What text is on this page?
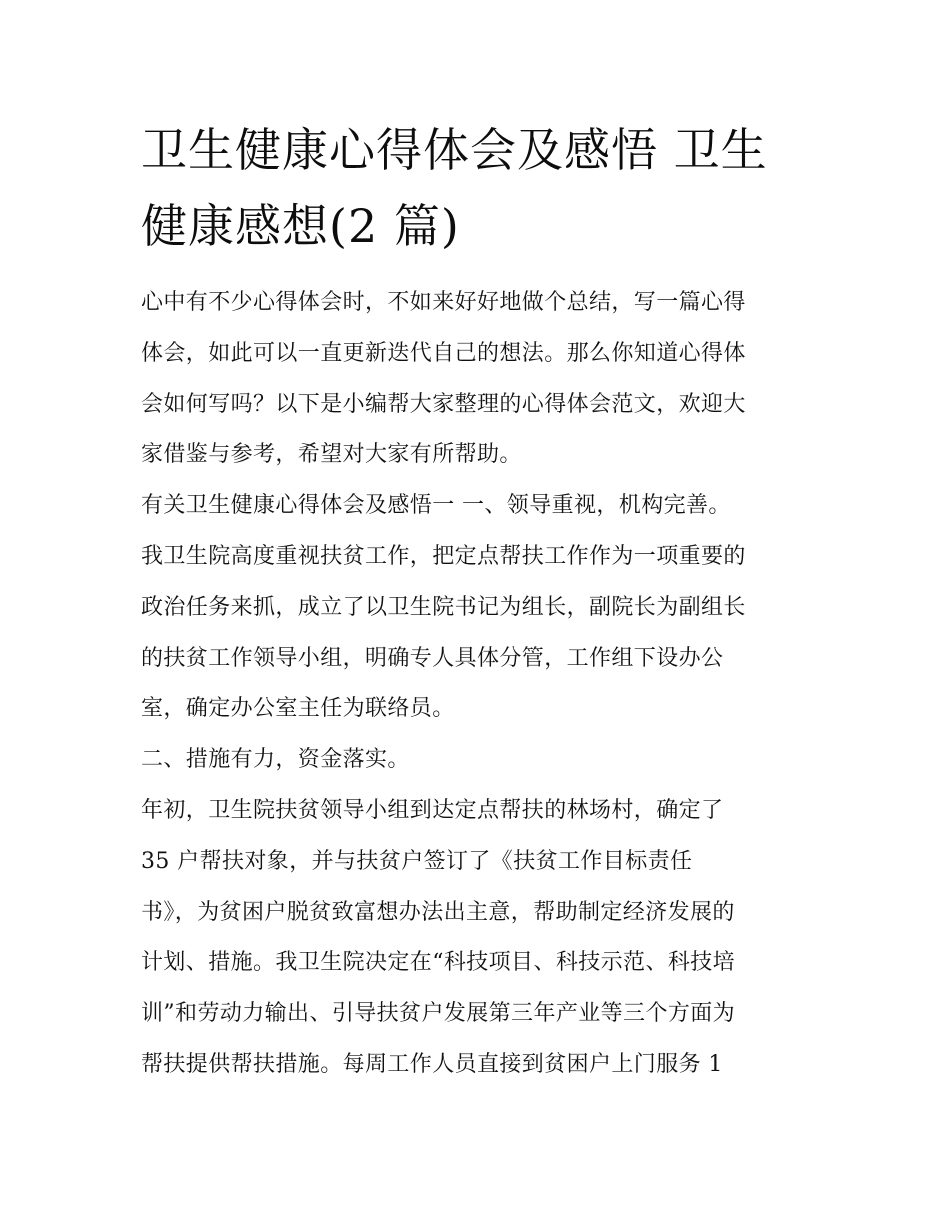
卫生健康心得体会及感悟 卫生
健康感想(2 篇)
心中有不少心得体会时，不如来好好地做个总结，写一篇心得
体会，如此可以一直更新迭代自己的想法。那么你知道心得体
会如何写吗？以下是小编帮大家整理的心得体会范文，欢迎大
家借鉴与参考，希望对大家有所帮助。
有关卫生健康心得体会及感悟一 一、领导重视，机构完善。
我卫生院高度重视扶贫工作，把定点帮扶工作作为一项重要的
政治任务来抓，成立了以卫生院书记为组长，副院长为副组长
的扶贫工作领导小组，明确专人具体分管，工作组下设办公
室，确定办公室主任为联络员。
二、措施有力，资金落实。
年初，卫生院扶贫领导小组到达定点帮扶的林场村，确定了
35 户帮扶对象，并与扶贫户签订了《扶贫工作目标责任
书》，为贫困户脱贫致富想办法出主意，帮助制定经济发展的
计划、措施。我卫生院决定在“科技项目、科技示范、科技培
训”和劳动力输出、引导扶贫户发展第三年产业等三个方面为
帮扶提供帮扶措施。每周工作人员直接到贫困户上门服务 1
